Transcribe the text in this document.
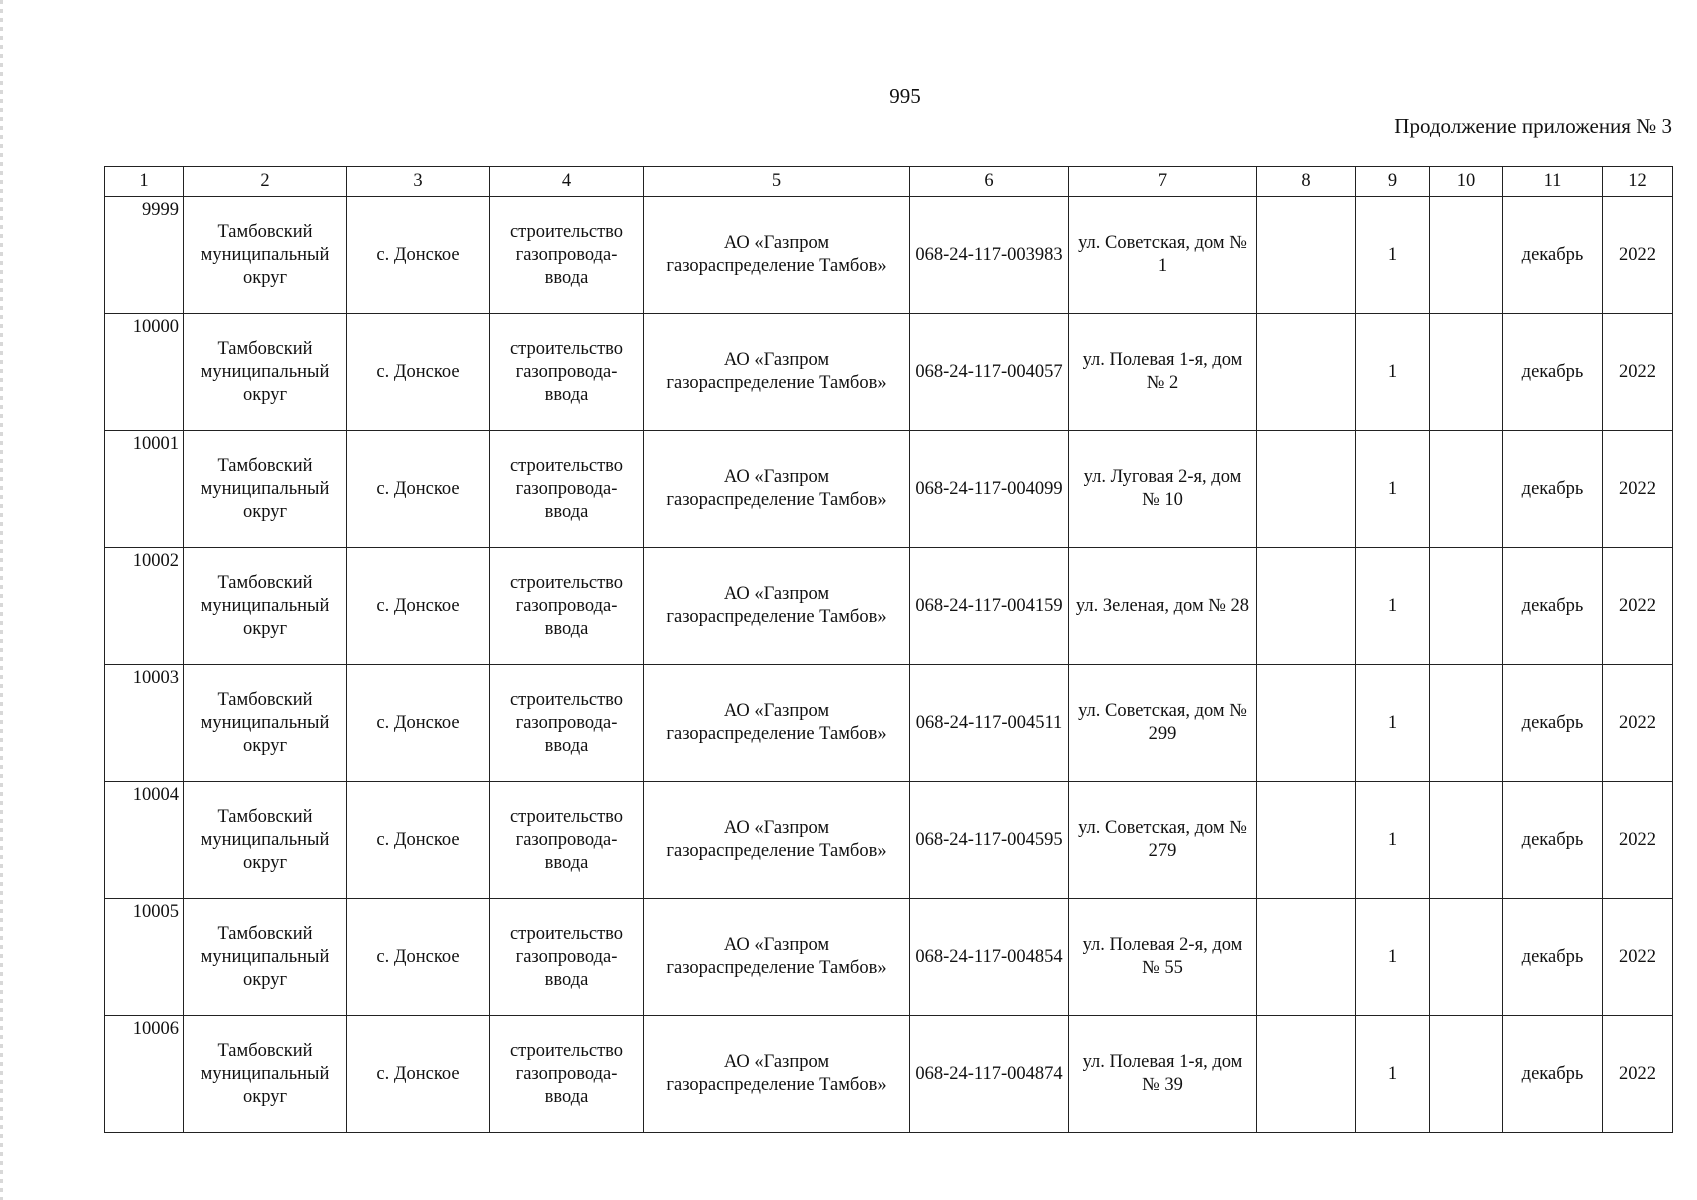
995
Продолжение приложения № 3
1	2	3	4	5	6	7	8	9	10	11	12
9999	Тамбовский муниципальный округ	с. Донское	строительство газопровода-ввода	АО «Газпром газораспределение Тамбов»	068-24-117-003983	ул. Советская, дом № 1		1		декабрь	2022
10000	Тамбовский муниципальный округ	с. Донское	строительство газопровода-ввода	АО «Газпром газораспределение Тамбов»	068-24-117-004057	ул. Полевая 1-я, дом № 2		1		декабрь	2022
10001	Тамбовский муниципальный округ	с. Донское	строительство газопровода-ввода	АО «Газпром газораспределение Тамбов»	068-24-117-004099	ул. Луговая 2-я, дом № 10		1		декабрь	2022
10002	Тамбовский муниципальный округ	с. Донское	строительство газопровода-ввода	АО «Газпром газораспределение Тамбов»	068-24-117-004159	ул. Зеленая, дом № 28		1		декабрь	2022
10003	Тамбовский муниципальный округ	с. Донское	строительство газопровода-ввода	АО «Газпром газораспределение Тамбов»	068-24-117-004511	ул. Советская, дом № 299		1		декабрь	2022
10004	Тамбовский муниципальный округ	с. Донское	строительство газопровода-ввода	АО «Газпром газораспределение Тамбов»	068-24-117-004595	ул. Советская, дом № 279		1		декабрь	2022
10005	Тамбовский муниципальный округ	с. Донское	строительство газопровода-ввода	АО «Газпром газораспределение Тамбов»	068-24-117-004854	ул. Полевая 2-я, дом № 55		1		декабрь	2022
10006	Тамбовский муниципальный округ	с. Донское	строительство газопровода-ввода	АО «Газпром газораспределение Тамбов»	068-24-117-004874	ул. Полевая 1-я, дом № 39		1		декабрь	2022
